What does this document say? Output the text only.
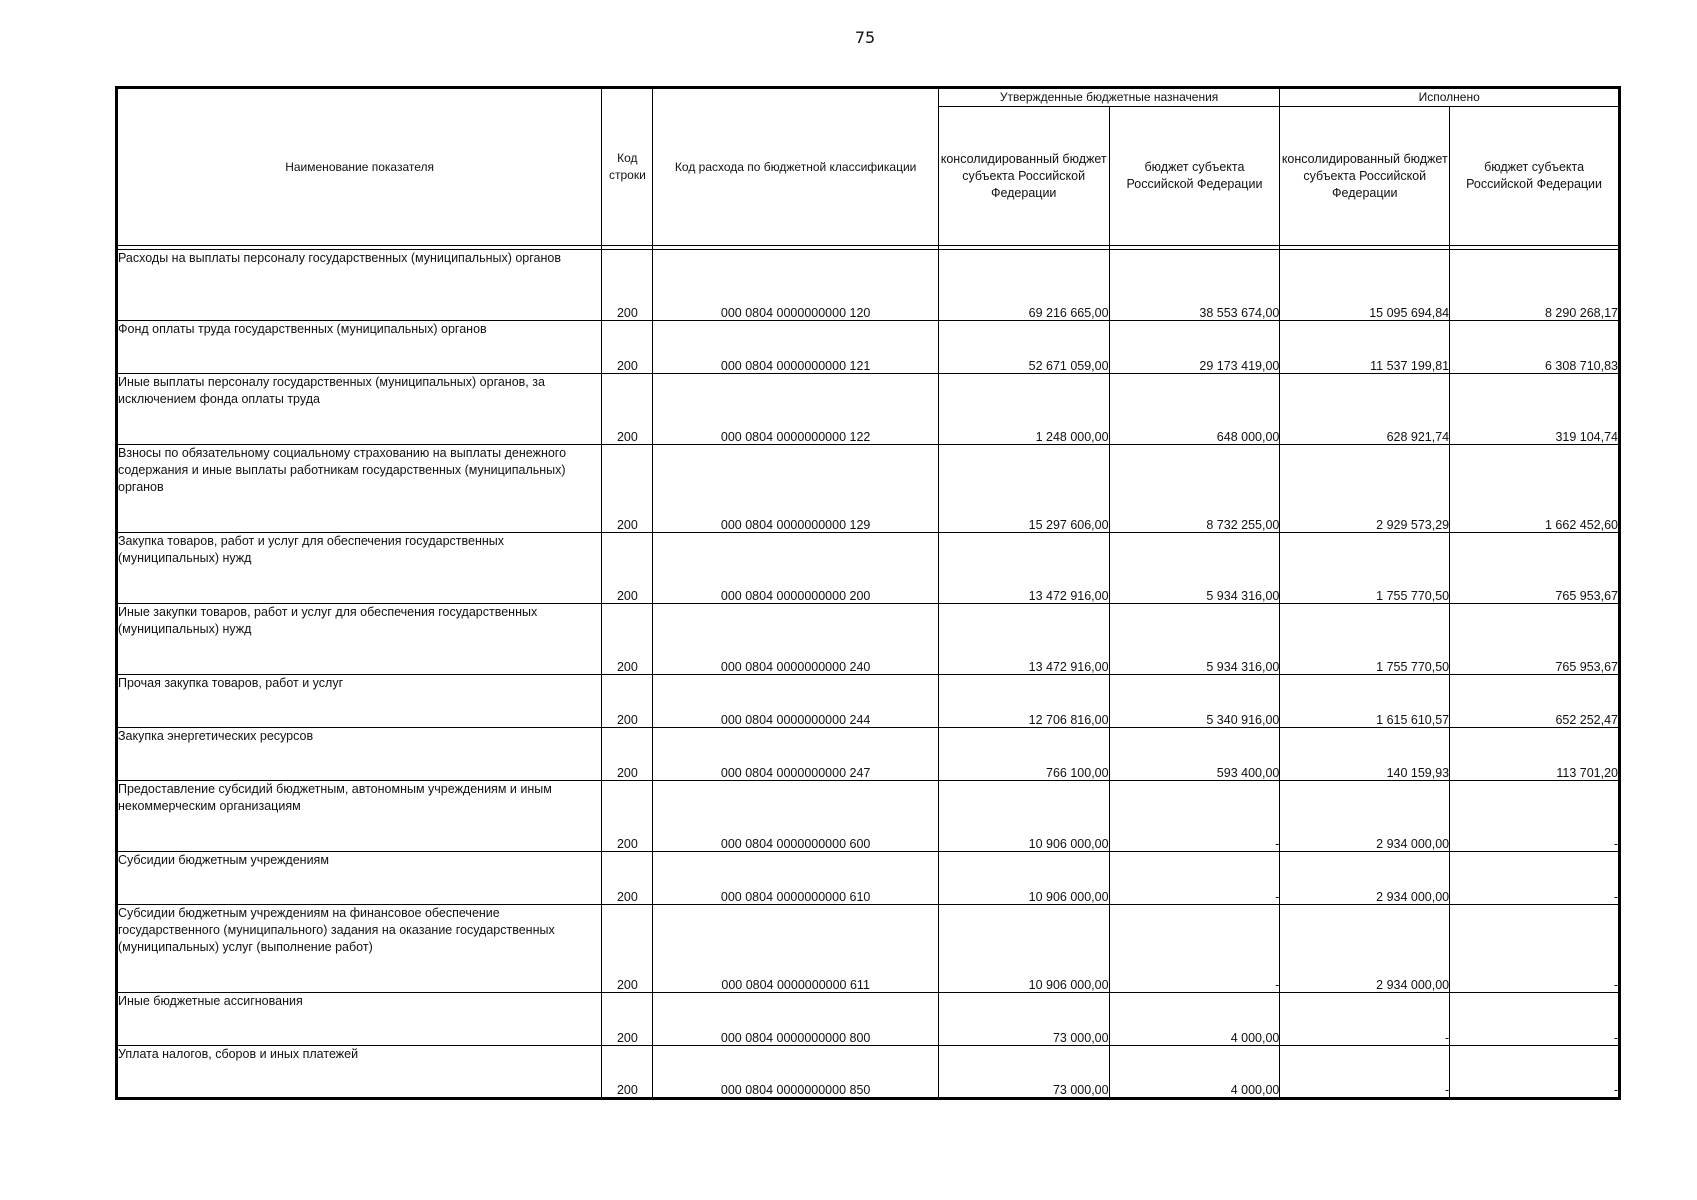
75
Наименование показателя	Код строки	Код расхода по бюджетной классификации	Утвержденные бюджетные назначения		Исполнено	
			консолидированный бюджет субъекта Российской Федерации	бюджет субъекта Российской Федерации	консолидированный бюджет субъекта Российской Федерации	бюджет субъекта Российской Федерации

Расходы на выплаты персоналу государственных (муниципальных) органов	200	000 0804 0000000000 120	69 216 665,00	38 553 674,00	15 095 694,84	8 290 268,17
Фонд оплаты труда государственных (муниципальных) органов	200	000 0804 0000000000 121	52 671 059,00	29 173 419,00	11 537 199,81	6 308 710,83
Иные выплаты персоналу государственных (муниципальных) органов, за исключением фонда оплаты труда	200	000 0804 0000000000 122	1 248 000,00	648 000,00	628 921,74	319 104,74
Взносы по обязательному социальному страхованию на выплаты денежного содержания и иные выплаты работникам государственных (муниципальных) органов	200	000 0804 0000000000 129	15 297 606,00	8 732 255,00	2 929 573,29	1 662 452,60
Закупка товаров, работ и услуг для обеспечения государственных (муниципальных) нужд	200	000 0804 0000000000 200	13 472 916,00	5 934 316,00	1 755 770,50	765 953,67
Иные закупки товаров, работ и услуг для обеспечения государственных (муниципальных) нужд	200	000 0804 0000000000 240	13 472 916,00	5 934 316,00	1 755 770,50	765 953,67
Прочая закупка товаров, работ и услуг	200	000 0804 0000000000 244	12 706 816,00	5 340 916,00	1 615 610,57	652 252,47
Закупка энергетических ресурсов	200	000 0804 0000000000 247	766 100,00	593 400,00	140 159,93	113 701,20
Предоставление субсидий бюджетным, автономным учреждениям и иным некоммерческим организациям	200	000 0804 0000000000 600	10 906 000,00	-	2 934 000,00	-
Субсидии бюджетным учреждениям	200	000 0804 0000000000 610	10 906 000,00	-	2 934 000,00	-
Субсидии бюджетным учреждениям на финансовое обеспечение государственного (муниципального) задания на оказание государственных (муниципальных) услуг (выполнение работ)	200	000 0804 0000000000 611	10 906 000,00	-	2 934 000,00	-
Иные бюджетные ассигнования	200	000 0804 0000000000 800	73 000,00	4 000,00	-	-
Уплата налогов, сборов и иных платежей	200	000 0804 0000000000 850	73 000,00	4 000,00	-	-
